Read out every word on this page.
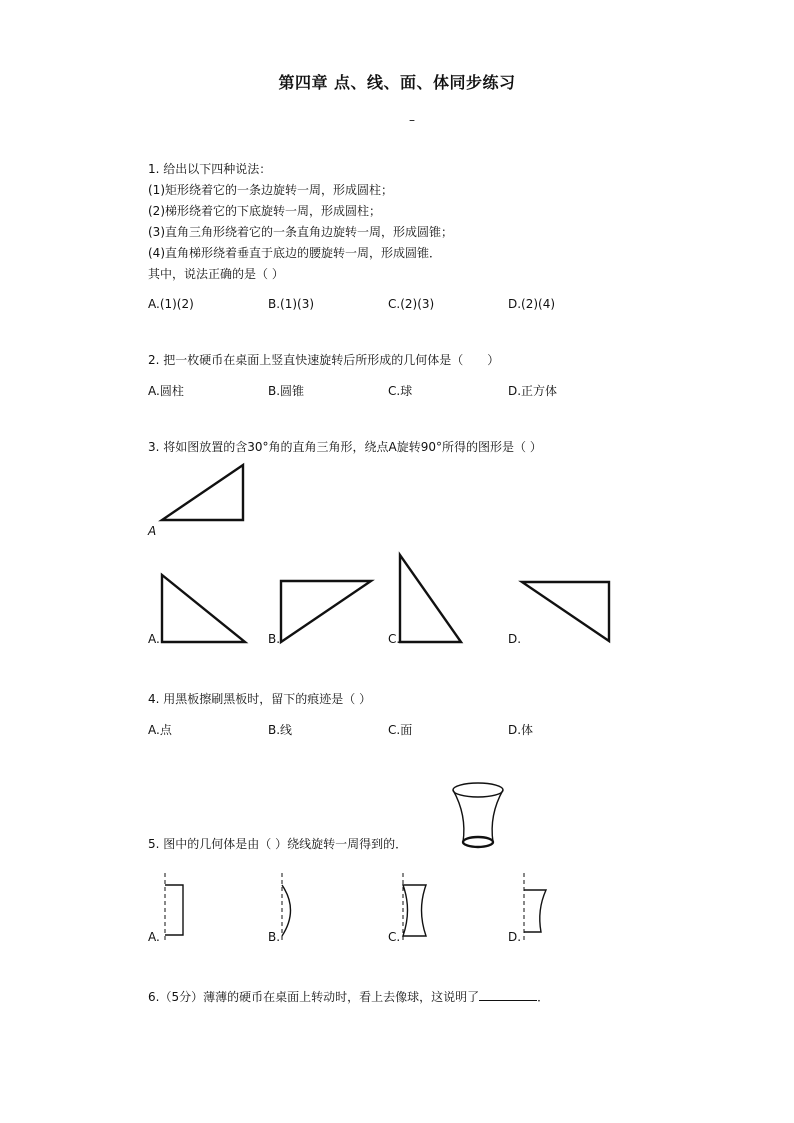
第四章 点、线、面、体同步练习
–
1. 给出以下四种说法：
(1)矩形绕着它的一条边旋转一周，形成圆柱；
(2)梯形绕着它的下底旋转一周，形成圆柱；
(3)直角三角形绕着它的一条直角边旋转一周，形成圆锥；
(4)直角梯形绕着垂直于底边的腰旋转一周，形成圆锥．
其中，说法正确的是（ ）
A.(1)(2)	B.(1)(3)	C.(2)(3)	D.(2)(4)
2. 把一枚硬币在桌面上竖直快速旋转后所形成的几何体是（　　）
A.圆柱	B.圆锥	C.球	D.正方体
3. 将如图放置的含30°角的直角三角形，绕点A旋转90°所得的图形是（ ）
A
A.	B.	C.	D.
4. 用黑板擦刷黑板时，留下的痕迹是（ ）
A.点	B.线	C.面	D.体
5. 图中的几何体是由（ ）绕线旋转一周得到的．
A.	B.	C.	D.
6.（5分）薄薄的硬币在桌面上转动时，看上去像球，这说明了	．
